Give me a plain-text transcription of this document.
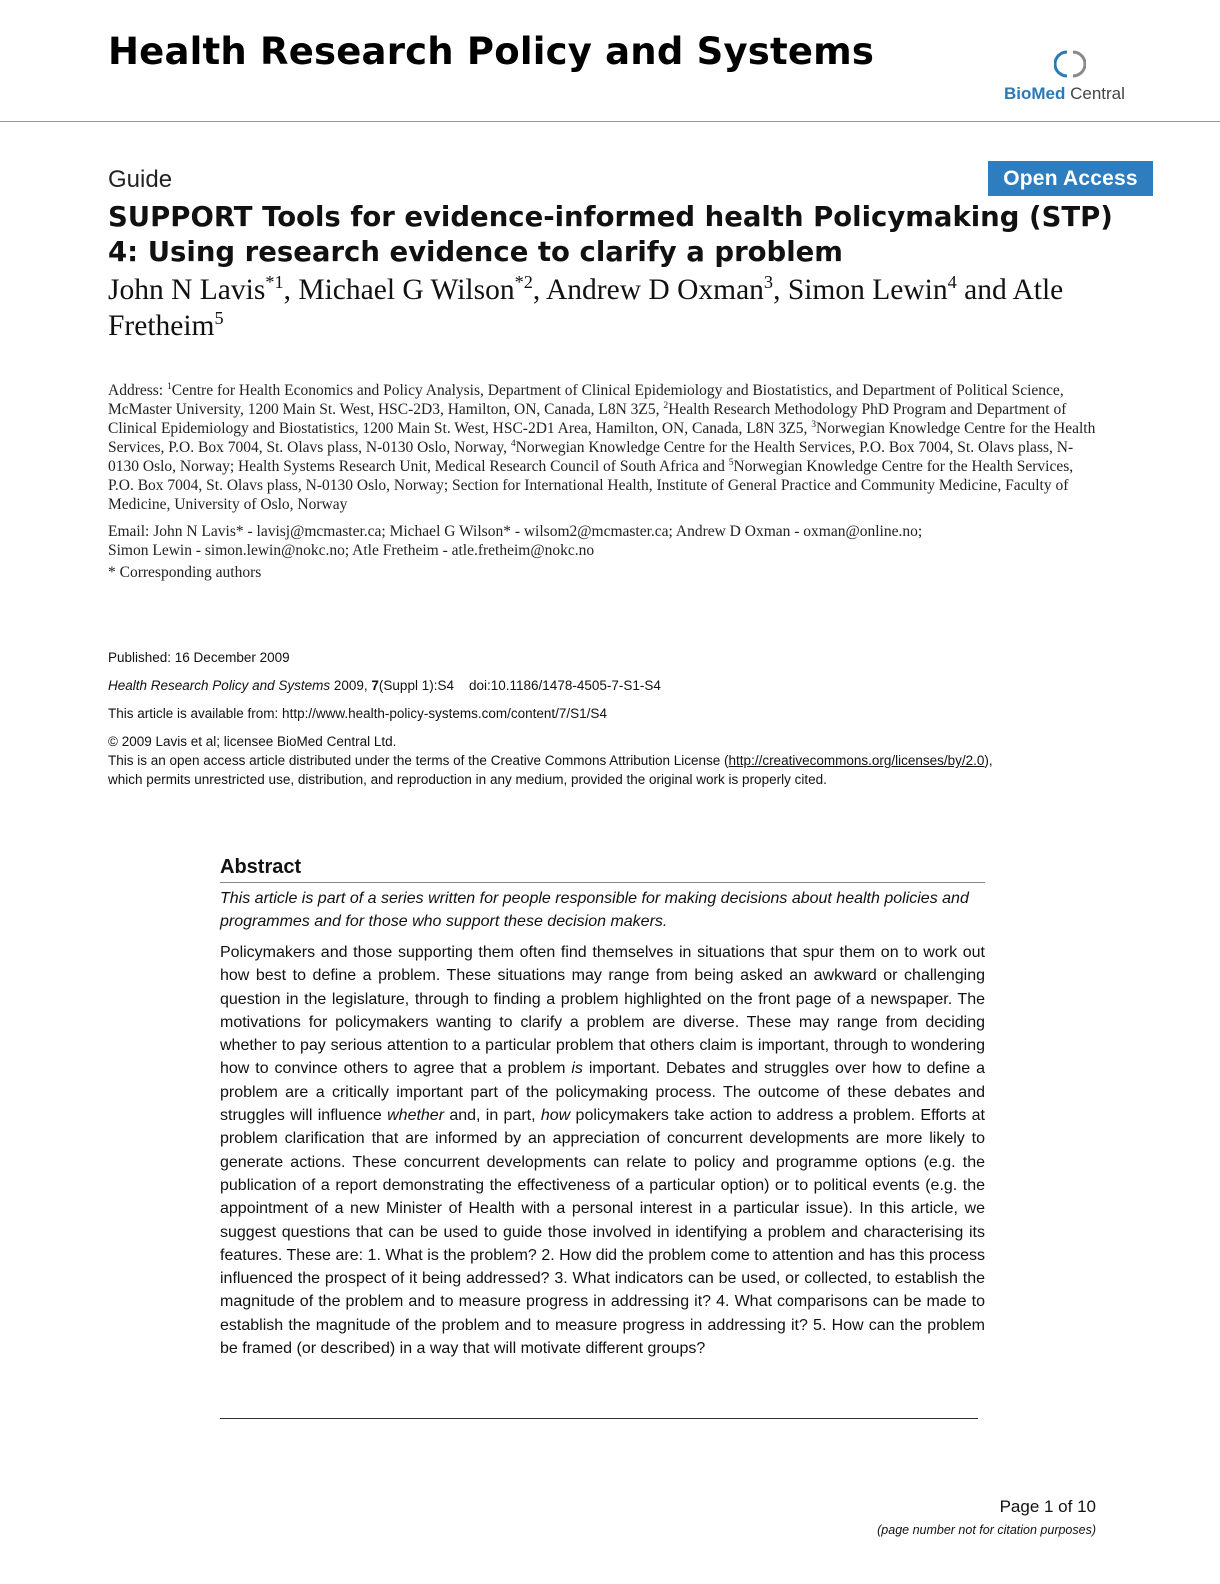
Health Research Policy and Systems
BioMed Central
Guide	Open Access
SUPPORT Tools for evidence-informed health Policymaking (STP)
4: Using research evidence to clarify a problem
John N Lavis$^{*1}$, Michael G Wilson$^{*2}$, Andrew D Oxman$^3$, Simon Lewin$^4$ and Atle Fretheim$^5$
Address: $^1$Centre for Health Economics and Policy Analysis, Department of Clinical Epidemiology and Biostatistics, and Department of Political Science, McMaster University, 1200 Main St. West, HSC-2D3, Hamilton, ON, Canada, L8N 3Z5, $^2$Health Research Methodology PhD Program and Department of Clinical Epidemiology and Biostatistics, 1200 Main St. West, HSC-2D1 Area, Hamilton, ON, Canada, L8N 3Z5, $^3$Norwegian Knowledge Centre for the Health Services, P.O. Box 7004, St. Olavs plass, N-0130 Oslo, Norway, $^4$Norwegian Knowledge Centre for the Health Services, P.O. Box 7004, St. Olavs plass, N-0130 Oslo, Norway; Health Systems Research Unit, Medical Research Council of South Africa and $^5$Norwegian Knowledge Centre for the Health Services, P.O. Box 7004, St. Olavs plass, N-0130 Oslo, Norway; Section for International Health, Institute of General Practice and Community Medicine, Faculty of Medicine, University of Oslo, Norway
Email: John N Lavis* - lavisj@mcmaster.ca; Michael G Wilson* - wilsom2@mcmaster.ca; Andrew D Oxman - oxman@online.no;
Simon Lewin - simon.lewin@nokc.no; Atle Fretheim - atle.fretheim@nokc.no
* Corresponding authors

Published: 16 December 2009

Health Research Policy and Systems 2009, 7(Suppl 1):S4 doi:10.1186/1478-4505-7-S1-S4

This article is available from: http://www.health-policy-systems.com/content/7/S1/S4

© 2009 Lavis et al; licensee BioMed Central Ltd.

This is an open access article distributed under the terms of the Creative Commons Attribution License (http://creativecommons.org/licenses/by/2.0),
which permits unrestricted use, distribution, and reproduction in any medium, provided the original work is properly cited.
Abstract
This article is part of a series written for people responsible for making decisions about health policies and programmes and for those who support these decision makers.

Policymakers and those supporting them often find themselves in situations that spur them on to work out how best to define a problem. These situations may range from being asked an awkward or challenging question in the legislature, through to finding a problem highlighted on the front page of a newspaper. The motivations for policymakers wanting to clarify a problem are diverse. These may range from deciding whether to pay serious attention to a particular problem that others claim is important, through to wondering how to convince others to agree that a problem is important. Debates and struggles over how to define a problem are a critically important part of the policymaking process. The outcome of these debates and struggles will influence whether and, in part, how policymakers take action to address a problem. Efforts at problem clarification that are informed by an appreciation of concurrent developments are more likely to generate actions. These concurrent developments can relate to policy and programme options (e.g. the publication of a report demonstrating the effectiveness of a particular option) or to political events (e.g. the appointment of a new Minister of Health with a personal interest in a particular issue). In this article, we suggest questions that can be used to guide those involved in identifying a problem and characterising its features. These are: 1. What is the problem? 2. How did the problem come to attention and has this process influenced the prospect of it being addressed? 3. What indicators can be used, or collected, to establish the magnitude of the problem and to measure progress in addressing it? 4. What comparisons can be made to establish the magnitude of the problem and to measure progress in addressing it? 5. How can the problem be framed (or described) in a way that will motivate different groups?

Page 1 of 10
(page number not for citation purposes)
